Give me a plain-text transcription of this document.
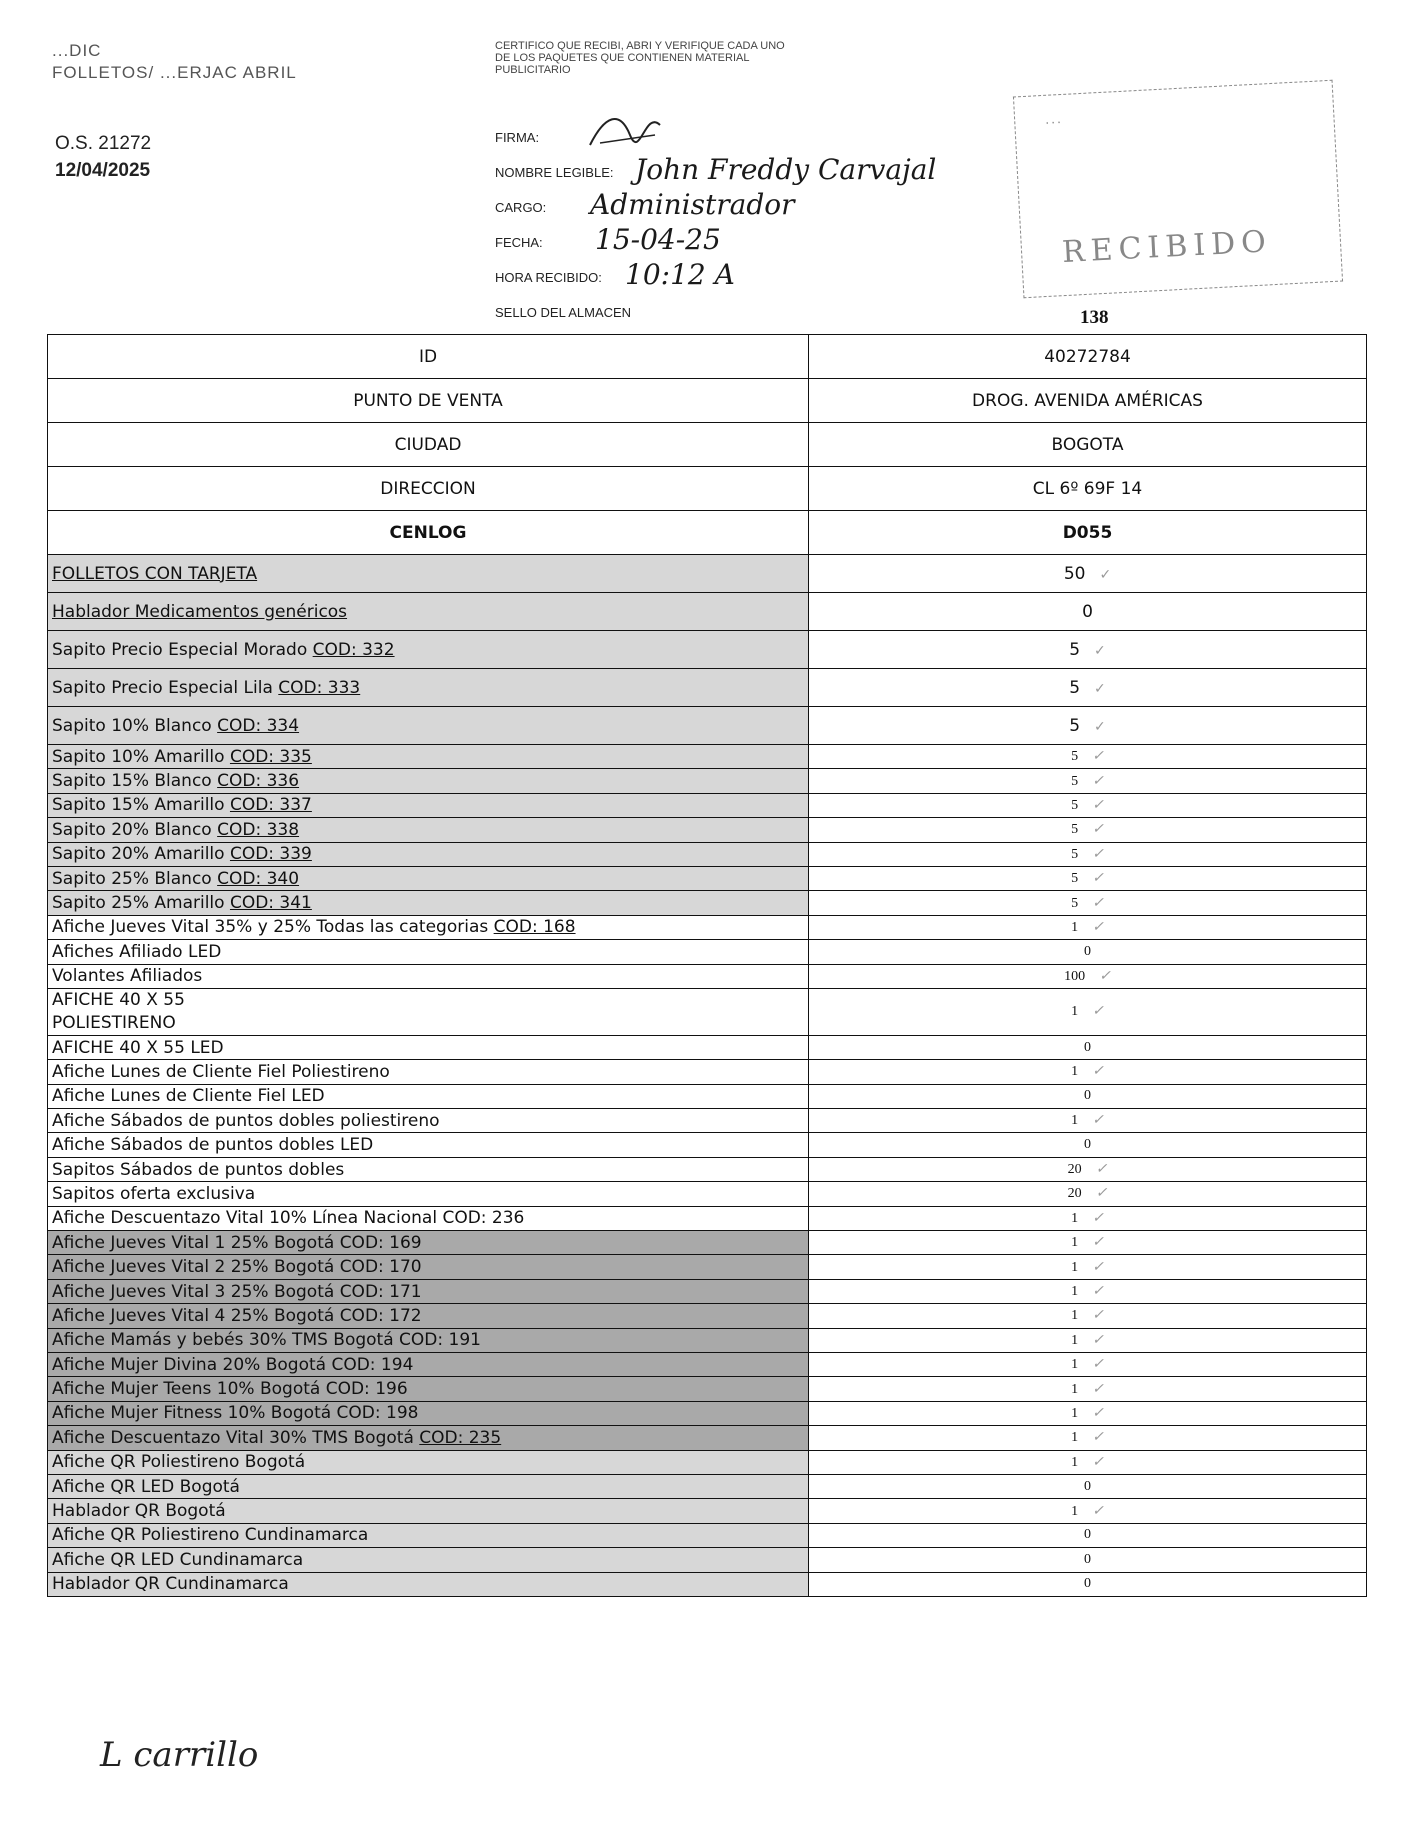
...DIC
FOLLETOS/ ...ERJAC ABRIL
O.S. 21272
12/04/2025
CERTIFICO QUE RECIBI, ABRI Y VERIFIQUE CADA UNO DE LOS PAQUETES QUE CONTIENEN MATERIAL PUBLICITARIO
FIRMA:
NOMBRE LEGIBLE: John Freddy Carvajal
CARGO: Administrador
FECHA: 15-04-25
HORA RECIBIDO: 10:12 A
SELLO DEL ALMACEN
...
RECIBIDO
138
ID	40272784
PUNTO DE VENTA	DROG. AVENIDA AMÉRICAS
CIUDAD	BOGOTA
DIRECCION	CL 6º 69F 14
CENLOG	D055
FOLLETOS CON TARJETA	50 ✓
Hablador Medicamentos genéricos	0
Sapito Precio Especial Morado COD: 332	5 ✓
Sapito Precio Especial Lila COD: 333	5 ✓
Sapito 10% Blanco COD: 334	5 ✓
Sapito 10% Amarillo COD: 335	5 ✓
Sapito 15% Blanco COD: 336	5 ✓
Sapito 15% Amarillo COD: 337	5 ✓
Sapito 20% Blanco COD: 338	5 ✓
Sapito 20% Amarillo COD: 339	5 ✓
Sapito 25% Blanco COD: 340	5 ✓
Sapito 25% Amarillo COD: 341	5 ✓
Afiche Jueves Vital 35% y 25% Todas las categorias COD: 168	1 ✓
Afiches Afiliado LED	0
Volantes Afiliados	100 ✓
AFICHE 40 X 55
POLIESTIRENO	1 ✓
AFICHE 40 X 55 LED	0
Afiche Lunes de Cliente Fiel Poliestireno	1 ✓
Afiche Lunes de Cliente Fiel LED	0
Afiche Sábados de puntos dobles poliestireno	1 ✓
Afiche Sábados de puntos dobles LED	0
Sapitos Sábados de puntos dobles	20 ✓
Sapitos oferta exclusiva	20 ✓
Afiche Descuentazo Vital 10% Línea Nacional COD: 236	1 ✓
Afiche Jueves Vital 1 25% Bogotá COD: 169	1 ✓
Afiche Jueves Vital 2 25% Bogotá COD: 170	1 ✓
Afiche Jueves Vital 3 25% Bogotá COD: 171	1 ✓
Afiche Jueves Vital 4 25% Bogotá COD: 172	1 ✓
Afiche Mamás y bebés 30% TMS Bogotá COD: 191	1 ✓
Afiche Mujer Divina 20% Bogotá COD: 194	1 ✓
Afiche Mujer Teens 10% Bogotá COD: 196	1 ✓
Afiche Mujer Fitness 10% Bogotá COD: 198	1 ✓
Afiche Descuentazo Vital 30% TMS Bogotá COD: 235	1 ✓
Afiche QR Poliestireno Bogotá	1 ✓
Afiche QR LED Bogotá	0
Hablador QR Bogotá	1 ✓
Afiche QR Poliestireno Cundinamarca	0
Afiche QR LED Cundinamarca	0
Hablador QR Cundinamarca	0
L carrillo
